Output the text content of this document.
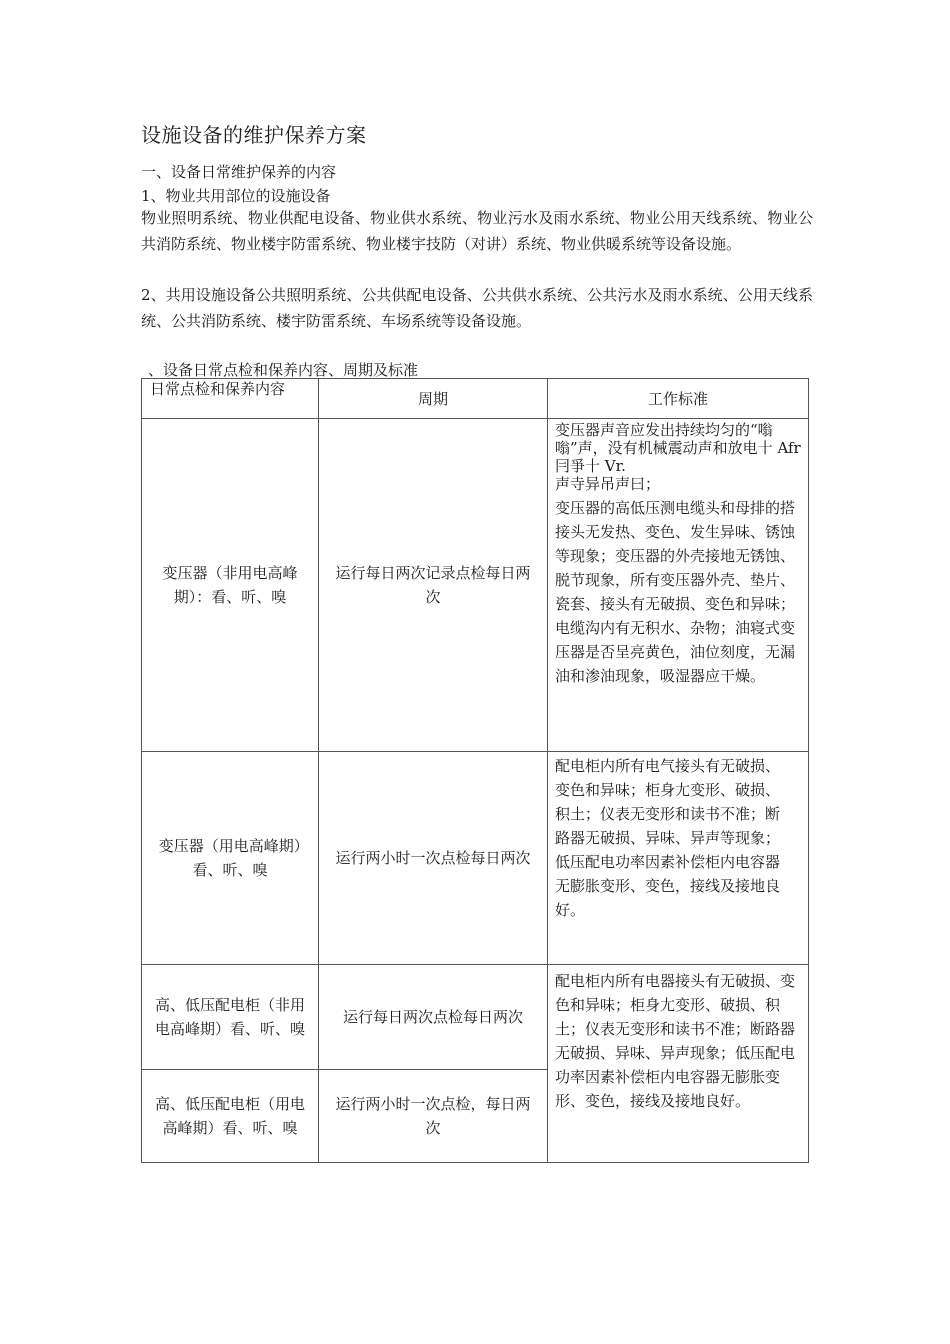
设施设备的维护保养方案
一、设备日常维护保养的内容
1、物业共用部位的设施设备
物业照明系统、物业供配电设备、物业供水系统、物业污水及雨水系统、物业公用天线系统、物业公共消防系统、物业楼宇防雷系统、物业楼宇技防（对讲）系统、物业供暖系统等设备设施。
2、共用设施设备公共照明系统、公共供配电设备、公共供水系统、公共污水及雨水系统、公用天线系统、公共消防系统、楼宇防雷系统、车场系统等设备设施。
、设备日常点检和保养内容、周期及标准
日常点检和保养内容	周期	工作标准
变压器（非用电高峰期）：看、听、嗅	运行每日两次记录点检每日两次	变压器声音应发出持续均匀的“嗡嗡”声，没有机械震动声和放电十 Afr 冃爭十 Vr.
声寺异吊声曰；
变压器的高低压测电缆头和母排的搭接头无发热、变色、发生异味、锈蚀等现象；变压器的外壳接地无锈蚀、脱节现象，所有变压器外壳、垫片、瓷套、接头有无破损、变色和异味；电缆沟内有无积水、杂物；油寝式变压器是否呈亮黄色，油位刻度，无漏油和渗油现象，吸湿器应干燥。

变压器（用电高峰期）看、听、嗅	运行两小时一次点检每日两次	配电柜内所有电气接头有无破损、变色和异味；柜身尢变形、破损、积土；仪表无变形和读书不准；断路器无破损、异味、异声等现象；低压配电功率因素补偿柜内电容器无膨胀变形、变色，接线及接地良好。
高、低压配电柜（非用电高峰期）看、听、嗅	运行每日两次点检每日两次	配电柜内所有电器接头有无破损、变色和异味；柜身尢变形、破损、积土；仪表无变形和读书不准；断路器无破损、异味、异声现象；低压配电功率因素补偿柜内电容器无膨胀变形、变色，接线及接地良好。
高、低压配电柜（用电高峰期）看、听、嗅	运行两小时一次点检，每日两次	
